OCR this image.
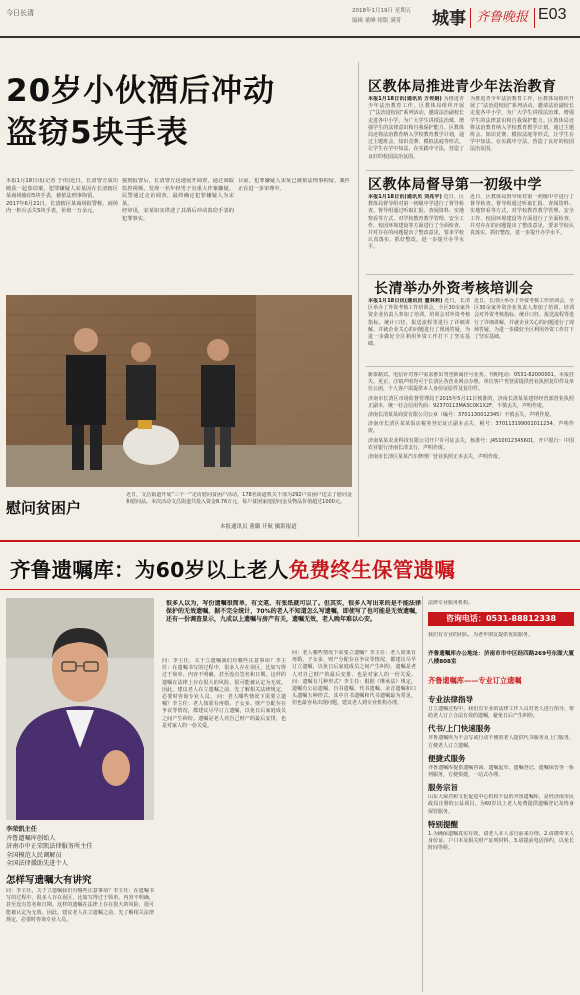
今日长清	2018年1月19日 星期五
编辑 董峰 组版 满菁 城事 齐鲁晚报 E03
20岁小伙酒后冲动
盗窃5块手表

本报1月18日讯(记者 于伟)近日，长清警方成功破获一起盗窃案，犯罪嫌疑人宋某因在长清辖区某商场偷窃5块手表，被依法刑事拘留。

2017年6月21日，长清辖区某商场报警称，商场内一柜台丢失5块手表，价值一万余元。

接到报警后，长清警方迅速展开调查，通过调取监控视频，发现一名年轻男子有重大作案嫌疑。民警通过走访调查，最终确定犯罪嫌疑人为宋某。

经审讯，宋某如实供述了其酒后冲动盗窃手表的犯罪事实。

目前，犯罪嫌疑人宋某已被依法刑事拘留，案件正在进一步审理中。

慰问贫困户
近日，文昌街道开展“三个一”走访慰问贫困户活动，178名街道机关干部为292户贫困户送去了慰问金和慰问品。本次活动文昌街道共投入资金8.76万元，每户贫困家庭慰问金及物品价值超过1000元。
本报通讯员 董璐 开航 摄影报道
区教体局推进青少年法治教育
本报1月18日讯(通讯员 万传娟) 为推进青少年法治教育工作，区教体局组织开展了“法治进校园”系列活动，邀请法治副校长走进各中小学，为广大学生讲授法治课，增强学生的法律意识和自我保护能力。区教体局还将法治教育纳入学校教育教学计划，通过主题班会、知识竞赛、模拟法庭等形式，让学生在学中知法、在实践中守法，营造了良好的校园法治氛围。
为推进青少年法治教育工作，区教体局组织开展了“法治进校园”系列活动，邀请法治副校长走进各中小学，为广大学生讲授法治课，增强学生的法律意识和自我保护能力。区教体局还将法治教育纳入学校教育教学计划，通过主题班会、知识竞赛、模拟法庭等形式，让学生在学中知法、在实践中守法，营造了良好的校园法治氛围。
区教体局督导第一初级中学
本报1月18日讯(通讯员 刘兆宇) 近日，区教体局督导组对第一初级中学进行了督导检查。督导组通过听取汇报、查阅资料、实地察看等方式，对学校教育教学管理、安全工作、校园环境建设等方面进行了全面检查，并对存在的问题提出了整改意见，要求学校认真落实、抓好整改，进一步提升办学水平。
近日，区教体局督导组对第一初级中学进行了督导检查。督导组通过听取汇报、查阅资料、实地察看等方式，对学校教育教学管理、安全工作、校园环境建设等方面进行了全面检查，并对存在的问题提出了整改意见，要求学校认真落实、抓好整改，进一步提升办学水平。
长清举办外资考核培训会
本报1月18日讯(通讯员 董林莉) 近日，长清区举办了外资考核工作培训会，全区30余家外资企业负责人参加了培训。培训会对外资考核指标、统计口径、报送流程等进行了详细讲解，并就企业关心的问题进行了现场答疑，为进一步做好全区利用外资工作打下了坚实基础。
近日，长清区举办了外资考核工作培训会，全区30余家外资企业负责人参加了培训。培训会对外资考核指标、统计口径、报送流程等进行了详细讲解，并就企业关心的问题进行了现场答疑，为进一步做好全区利用外资工作打下了坚实基础。

新泰路宾、电信针对客户需求推出刊登新闻挂号业务。刊期电话：0531-82000001。本报挂失、更正、注销声明均可于长清区各营业网点办理。单位客户刊登需提供营业执照复印件及单位公函，个人客户需提供本人身份证原件及复印件。

济南市长清区市场监督管理局于2015年5月11日核准的，济南长清某某建材经营部营业执照正副本，统一社会信用代码：92370113MA3C0K1X2F，不慎丢失，声明作废。

济南长清某某商贸有限公司公章（编号：3701130012345）不慎丢失，声明作废。

济南市长清区某某饭店税务登记证正副本丢失，税号：370113199001011234，声明作废。

济南某某农业科技有限公司开户许可证丢失，核准号：J4510012345601，开户银行：中国农业银行济南长清支行，声明作废。

济南市长清区某某汽车修理厂营业执照正本丢失，声明作废。

齐鲁遗嘱库：为60岁以上老人免费终生保管遗嘱
李荣凯主任
齐鲁遗嘱库创始人
济南市中正荣凯法律服务所主任
全国模范人民调解员
全国法律援助先进个人
怎样写遗嘱大有讲究
问：李主任，关于立遗嘱我们有哪些注意事项？李主任：在遗嘱书写的过程中，很多人存在误区，比如写得过于简单、内容不明确，甚至没有签名和日期。这样的遗嘱在法律上存在很大的风险，很可能被认定为无效。因此，建议老人在立遗嘱之前，先了解相关法律规定，必要时咨询专业人员。
很多人以为，写份遗嘱很简单，有文笔、有张纸就可以了。但其实，很多人写出来的是不能法律保护的无效遗嘱，据不完全统计，70%的老人不知道怎么写遗嘱，即使写了也可能是无效遗嘱，还有一份调查显示，九成以上遗嘱与房产有关，遗嘱无效，老人晚年难以心安。
问：李主任，关于立遗嘱我们有哪些注意事项？李主任：在遗嘱书写的过程中，很多人存在误区，比如写得过于简单、内容不明确，甚至没有签名和日期。这样的遗嘱在法律上存在很大的风险，很可能被认定为无效。因此，建议老人在立遗嘱之前，先了解相关法律规定，必要时咨询专业人员。 问：老人哪些情况下需要立遗嘱？李主任：老人如果有再婚、子女多、财产分配存在争议等情况，都建议尽早订立遗嘱，以免日后家庭成员之间产生纠纷。遗嘱是老人对自己财产的最后安排，也是对家人的一份关爱。
问：老人哪些情况下需要立遗嘱？李主任：老人如果有再婚、子女多、财产分配存在争议等情况，都建议尽早订立遗嘱，以免日后家庭成员之间产生纠纷。遗嘱是老人对自己财产的最后安排，也是对家人的一份关爱。 问：遗嘱有几种形式？李主任：根据《继承法》规定，遗嘱有公证遗嘱、自书遗嘱、代书遗嘱、录音遗嘱和口头遗嘱五种形式。其中自书遗嘱和代书遗嘱最为常见，但也最容易出现问题，建议老人到专业机构办理。
法律专业服务机构。
咨询电话：0531-88812338
我们有专业的团队，为老年朋友提供优质服务。
齐鲁遗嘱库办公地址：济南市市中区经四路269号东图大厦八楼808室
齐鲁遗嘱库——专业订立遗嘱
专业法律指导
订立遗嘱过程中，我们有专业的法律工作人员对老人进行指导，帮助老人订立合法有效的遗嘱，避免日后产生纠纷。
代书/上门快速服务
齐鲁遗嘱库为不会写或行动不便的老人提供代书服务及上门服务，方便老人订立遗嘱。
便捷式服务
齐鲁遗嘱库提供遗嘱咨询、遗嘱起草、遗嘱登记、遗嘱保管等一系列服务，方便快捷，一站式办理。
服务宗旨
山东大舜君和文化促进中心机构下设的齐鲁遗嘱库，是经济南市民政局注册的公益项目，为60岁以上老人免费提供遗嘱登记及终身保管服务。
特别提醒
1.为确保遗嘱真实有效，请老人本人亲自前来办理。2.请携带本人身份证、户口本及相关财产证明材料。3.请提前电话预约，以免长时间等候。
